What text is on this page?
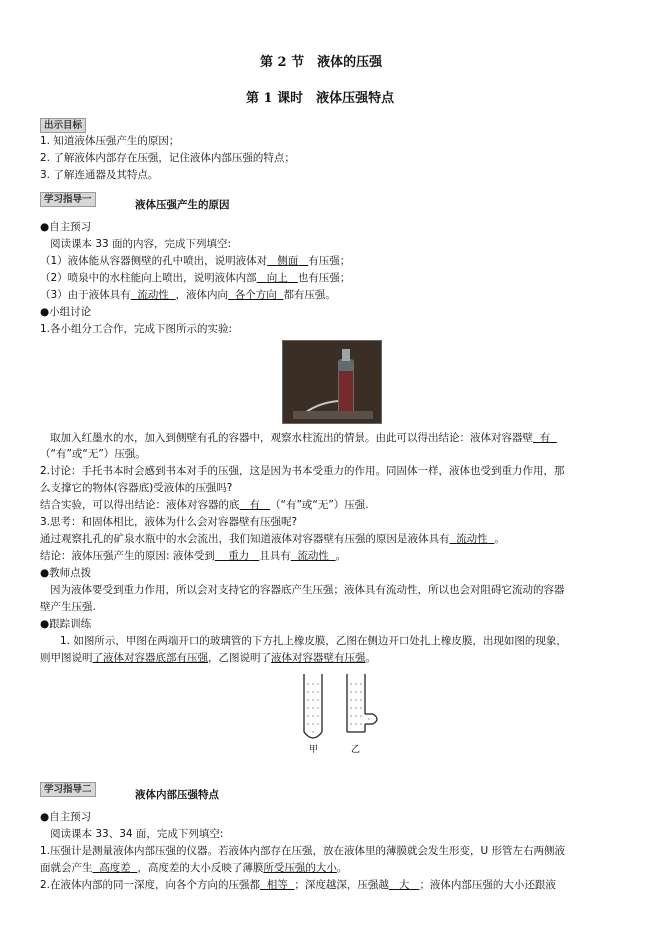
第 2 节　液体的压强
第 1 课时　液体压强特点
出示目标
1. 知道液体压强产生的原因；
2. 了解液体内部存在压强，记住液体内部压强的特点；
3. 了解连通器及其特点。
学习指导一	液体压强产生的原因
●自主预习
阅读课本 33 面的内容，完成下列填空:
（1）液体能从容器侧壁的孔中喷出，说明液体对 侧面 有压强；
（2）喷泉中的水柱能向上喷出，说明液体内部 向上 也有压强；
（3）由于液体具有 流动性 ，液体内向 各个方向 都有压强。
●小组讨论
1.各小组分工合作，完成下图所示的实验:
取加入红墨水的水，加入到侧壁有孔的容器中，观察水柱流出的情景。由此可以得出结论：液体对容器壁 有
（“有”或“无”）压强。
2.讨论：手托书本时会感到书本对手的压强，这是因为书本受重力的作用。同固体一样，液体也受到重力作用，那
么支撑它的物体(容器底)受液体的压强吗?
结合实验，可以得出结论：液体对容器的底 有 （“有”或“无”）压强.
3.思考：和固体相比，液体为什么会对容器壁有压强呢?
通过观察扎孔的矿泉水瓶中的水会流出，我们知道液体对容器壁有压强的原因是液体具有 流动性 。
结论：液体压强产生的原因: 液体受到 重力 且具有 流动性 。
●教师点拨
因为液体要受到重力作用，所以会对支持它的容器底产生压强；液体具有流动性，所以也会对阻碍它流动的容器
壁产生压强.
●跟踪训练
1. 如图所示，甲图在两端开口的玻璃管的下方扎上橡皮膜，乙图在侧边开口处扎上橡皮膜，出现如图的现象，
则甲图说明了液体对容器底部有压强，乙图说明了液体对容器壁有压强。
甲	乙
学习指导二	液体内部压强特点
●自主预习
阅读课本 33、34 面，完成下列填空:
1.压强计是测量液体内部压强的仪器。若液体内部存在压强，放在液体里的薄膜就会发生形变，U 形管左右两侧液
面就会产生 高度差 ，高度差的大小反映了薄膜所受压强的大小。
2.在液体内部的同一深度，向各个方向的压强都 相等 ；深度越深，压强越 大 ；液体内部压强的大小还跟液
